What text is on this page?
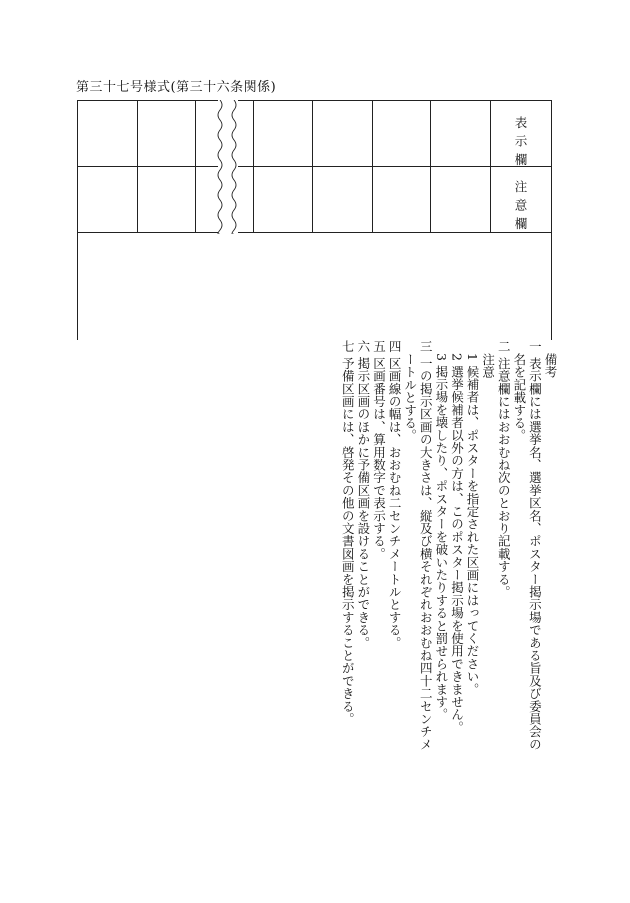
第三十七号様式(第三十六条関係)
表示欄
注意欄

備考

一 表示欄には選挙名、選挙区名、ポスター掲示場である旨及び委員会の名を記載する。

二 注意欄にはおおむね次のとおり記載する。

注意

1 候補者は、ポスターを指定された区画にはってください。

2 選挙候補者以外の方は、このポスター掲示場を使用できません。

3 掲示場を壊したり、ポスターを破いたりすると罰せられます。

三 一の掲示区画の大きさは、縦及び横それぞれおおむね四十二センチメートルとする。

四 区画線の幅は、おおむね二センチメートルとする。

五 区画番号は、算用数字で表示する。

六 掲示区画のほかに予備区画を設けることができる。

七 予備区画には、啓発その他の文書図画を掲示することができる。
